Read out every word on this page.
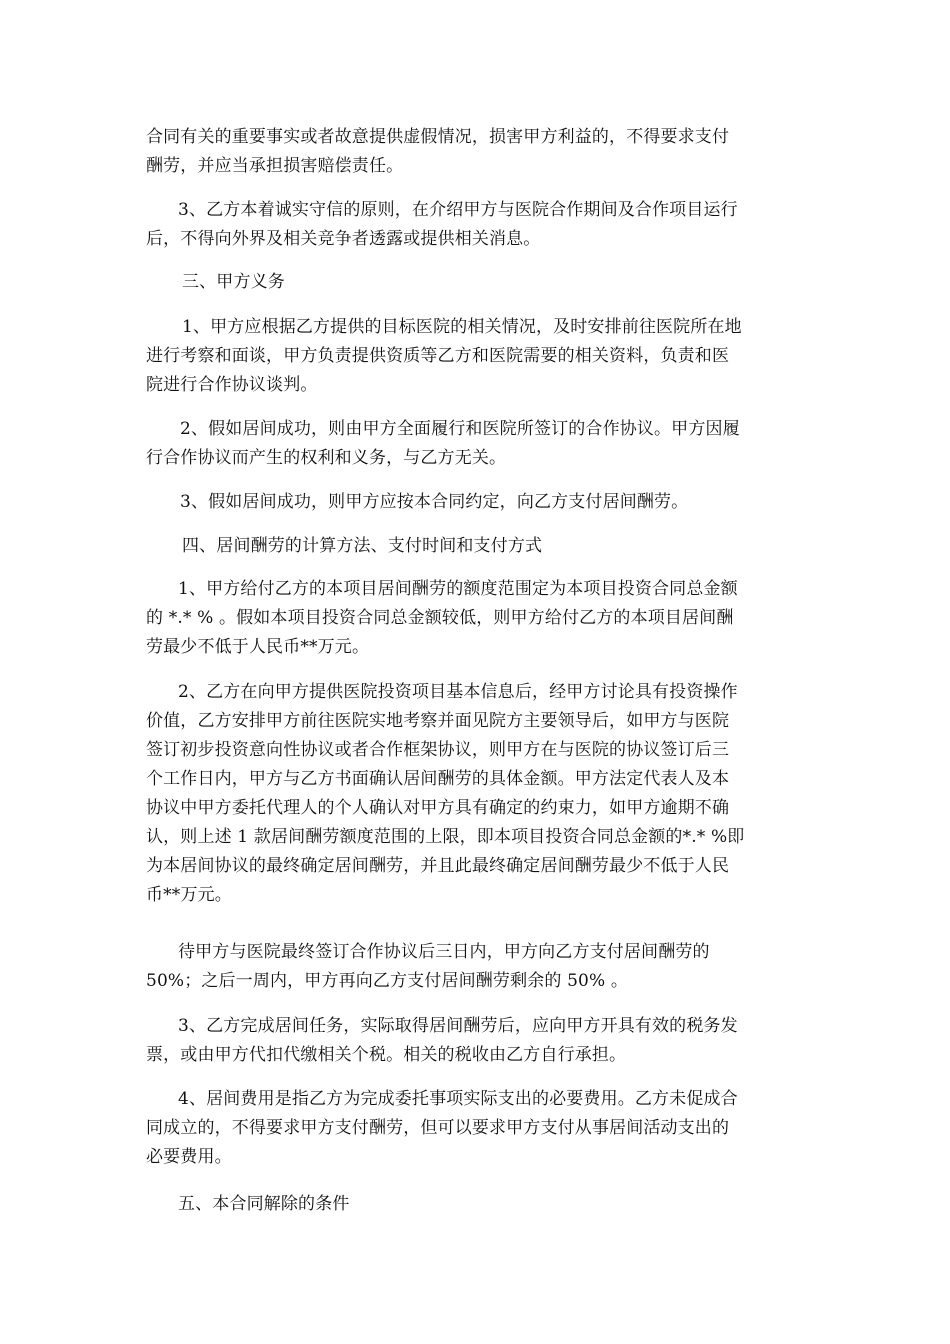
合同有关的重要事实或者故意提供虚假情况，损害甲方利益的，不得要求支付
酬劳，并应当承担损害赔偿责任。
3、乙方本着诚实守信的原则，在介绍甲方与医院合作期间及合作项目运行
后，不得向外界及相关竞争者透露或提供相关消息。
三、甲方义务
1、甲方应根据乙方提供的目标医院的相关情况，及时安排前往医院所在地
进行考察和面谈，甲方负责提供资质等乙方和医院需要的相关资料，负责和医
院进行合作协议谈判。
2、假如居间成功，则由甲方全面履行和医院所签订的合作协议。甲方因履
行合作协议而产生的权利和义务，与乙方无关。
3、假如居间成功，则甲方应按本合同约定，向乙方支付居间酬劳。
四、居间酬劳的计算方法、支付时间和支付方式
1、甲方给付乙方的本项目居间酬劳的额度范围定为本项目投资合同总金额
的 *.* % 。假如本项目投资合同总金额较低，则甲方给付乙方的本项目居间酬
劳最少不低于人民币**万元。
2、乙方在向甲方提供医院投资项目基本信息后，经甲方讨论具有投资操作
价值，乙方安排甲方前往医院实地考察并面见院方主要领导后，如甲方与医院
签订初步投资意向性协议或者合作框架协议，则甲方在与医院的协议签订后三
个工作日内，甲方与乙方书面确认居间酬劳的具体金额。甲方法定代表人及本
协议中甲方委托代理人的个人确认对甲方具有确定的约束力，如甲方逾期不确
认，则上述 1 款居间酬劳额度范围的上限，即本项目投资合同总金额的*.* %即
为本居间协议的最终确定居间酬劳，并且此最终确定居间酬劳最少不低于人民
币**万元。
待甲方与医院最终签订合作协议后三日内，甲方向乙方支付居间酬劳的
50%；之后一周内，甲方再向乙方支付居间酬劳剩余的 50% 。
3、乙方完成居间任务，实际取得居间酬劳后，应向甲方开具有效的税务发
票，或由甲方代扣代缴相关个税。相关的税收由乙方自行承担。
4、居间费用是指乙方为完成委托事项实际支出的必要费用。乙方未促成合
同成立的，不得要求甲方支付酬劳，但可以要求甲方支付从事居间活动支出的
必要费用。
五、本合同解除的条件
